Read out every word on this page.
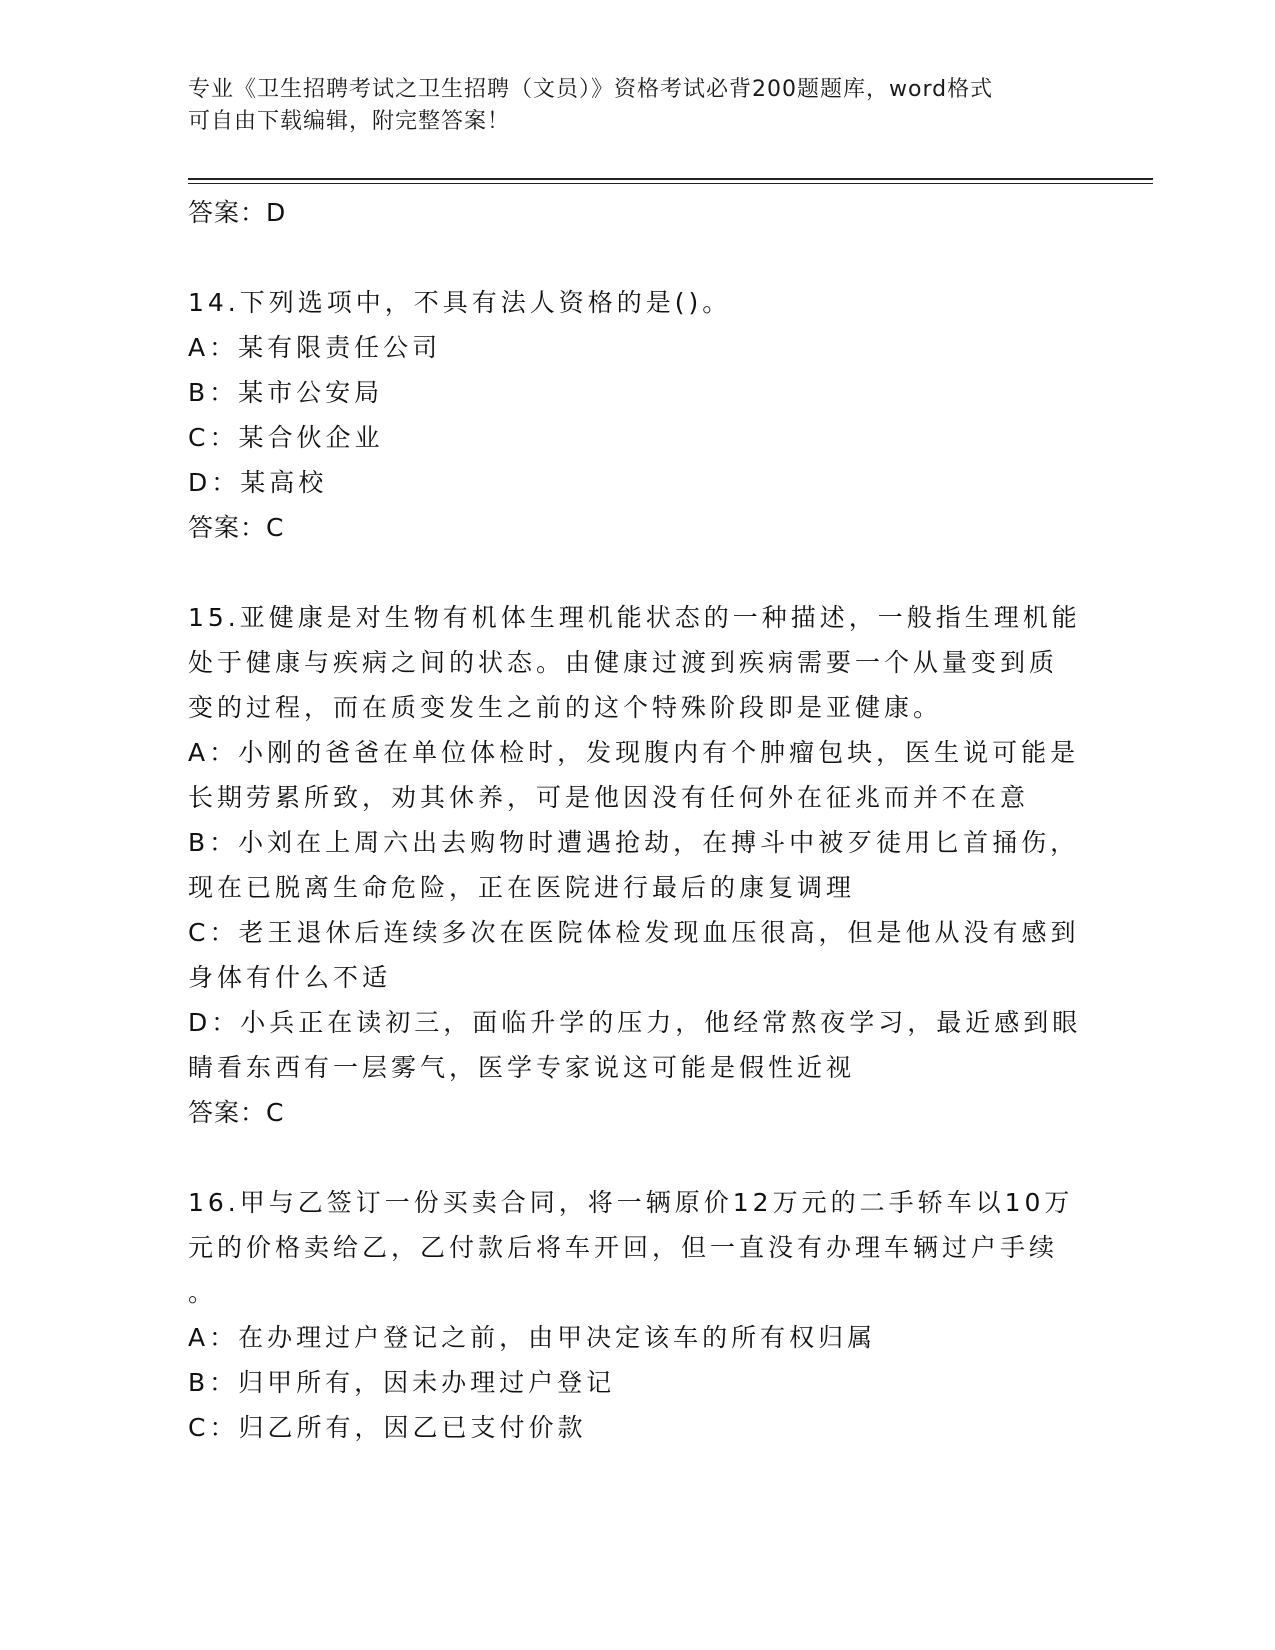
专业《卫生招聘考试之卫生招聘（文员）》资格考试必背200题题库，word格式
可自由下载编辑，附完整答案！
答案：D
14.下列选项中，不具有法人资格的是()。
A：某有限责任公司
B：某市公安局
C：某合伙企业
D：某高校
答案：C
15.亚健康是对生物有机体生理机能状态的一种描述，一般指生理机能
处于健康与疾病之间的状态。由健康过渡到疾病需要一个从量变到质
变的过程，而在质变发生之前的这个特殊阶段即是亚健康。
A：小刚的爸爸在单位体检时，发现腹内有个肿瘤包块，医生说可能是
长期劳累所致，劝其休养，可是他因没有任何外在征兆而并不在意
B：小刘在上周六出去购物时遭遇抢劫，在搏斗中被歹徒用匕首捅伤，
现在已脱离生命危险，正在医院进行最后的康复调理
C：老王退休后连续多次在医院体检发现血压很高，但是他从没有感到
身体有什么不适
D：小兵正在读初三，面临升学的压力，他经常熬夜学习，最近感到眼
睛看东西有一层雾气，医学专家说这可能是假性近视
答案：C
16.甲与乙签订一份买卖合同，将一辆原价12万元的二手轿车以10万
元的价格卖给乙，乙付款后将车开回，但一直没有办理车辆过户手续
。
A：在办理过户登记之前，由甲决定该车的所有权归属
B：归甲所有，因未办理过户登记
C：归乙所有，因乙已支付价款
